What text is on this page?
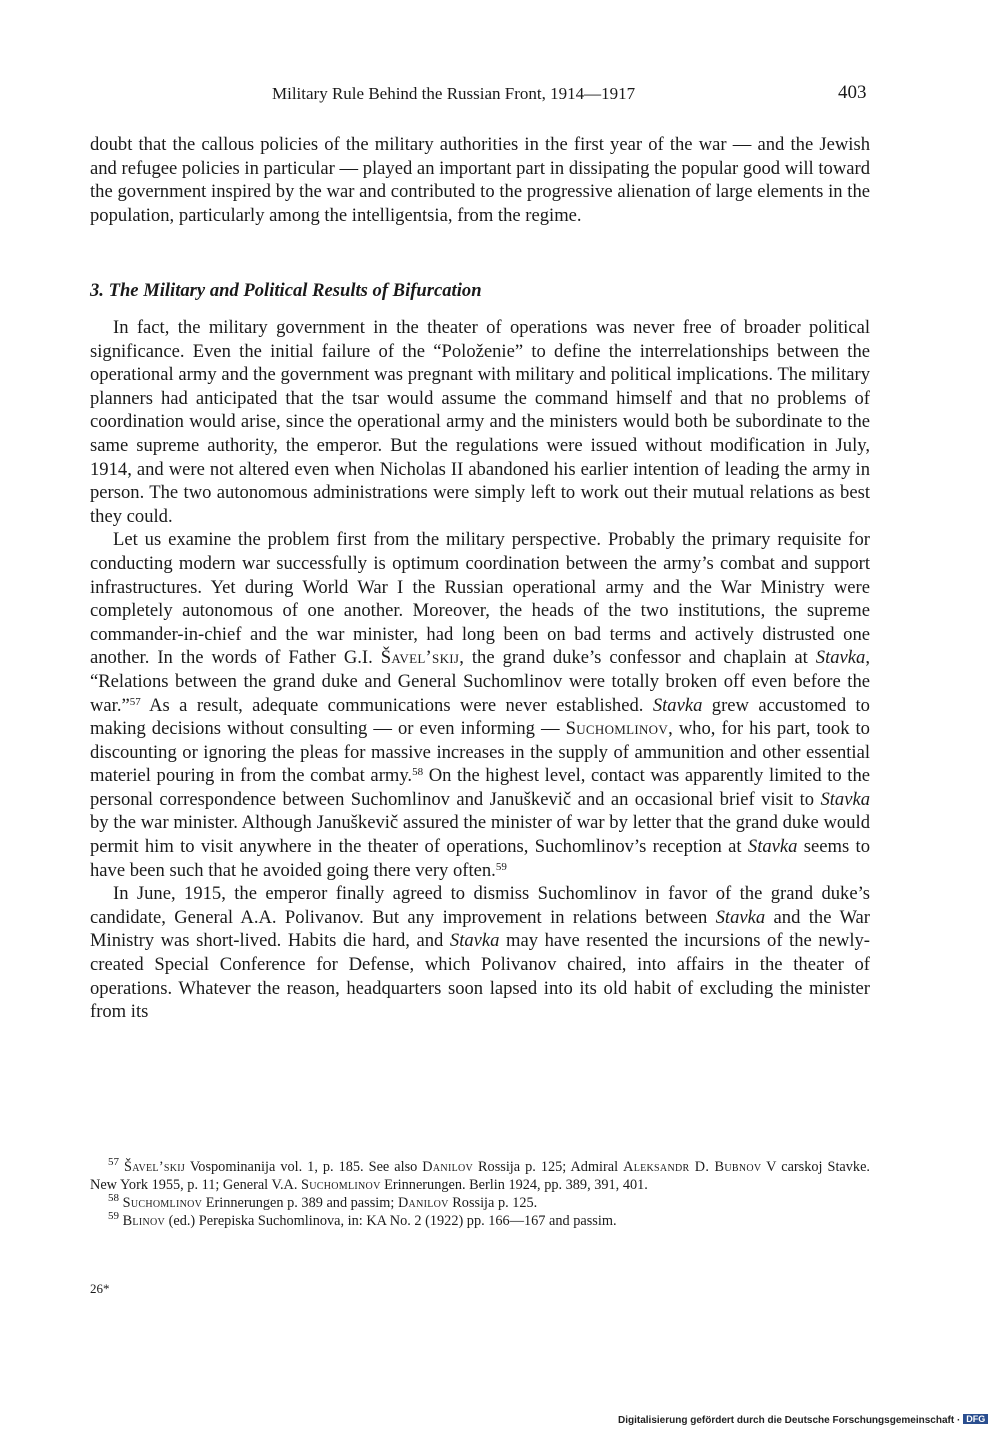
Military Rule Behind the Russian Front, 1914—1917	403

doubt that the callous policies of the military authorities in the first year of the war — and the Jewish and refugee policies in particular — played an important part in dissipating the popular good will toward the government inspired by the war and contributed to the progressive alienation of large elements in the population, particularly among the intelligentsia, from the regime.

3. The Military and Political Results of Bifurcation

In fact, the military government in the theater of operations was never free of broader political significance. Even the initial failure of the “Položenie” to define the interrelationships between the operational army and the government was pregnant with military and political implications. The military planners had anticipated that the tsar would assume the command himself and that no problems of coordination would arise, since the operational army and the ministers would both be subordinate to the same supreme authority, the emperor. But the regulations were issued without modification in July, 1914, and were not altered even when Nicholas II abandoned his earlier intention of leading the army in person. The two autonomous administrations were simply left to work out their mutual relations as best they could.

Let us examine the problem first from the military perspective. Probably the primary requisite for conducting modern war successfully is optimum coordination between the army’s combat and support infrastructures. Yet during World War I the Russian operational army and the War Ministry were completely autonomous of one another. Moreover, the heads of the two institutions, the supreme commander-in-chief and the war minister, had long been on bad terms and actively distrusted one another. In the words of Father G.I. Šavel’skij, the grand duke’s confessor and chaplain at Stavka, “Relations between the grand duke and General Suchomlinov were totally broken off even before the war.”$^{57}$ As a result, adequate communications were never established. Stavka grew accustomed to making decisions without consulting — or even informing — Suchomlinov, who, for his part, took to discounting or ignoring the pleas for massive increases in the supply of ammunition and other essential materiel pouring in from the combat army.$^{58}$ On the highest level, contact was apparently limited to the personal correspondence between Suchomlinov and Januškevič and an occasional brief visit to Stavka by the war minister. Although Januškevič assured the minister of war by letter that the grand duke would permit him to visit anywhere in the theater of operations, Suchomlinov’s reception at Stavka seems to have been such that he avoided going there very often.$^{59}$

In June, 1915, the emperor finally agreed to dismiss Suchomlinov in favor of the grand duke’s candidate, General A.A. Polivanov. But any improvement in relations between Stavka and the War Ministry was short-lived. Habits die hard, and Stavka may have resented the incursions of the newly-created Special Conference for Defense, which Polivanov chaired, into affairs in the theater of operations. Whatever the reason, headquarters soon lapsed into its old habit of excluding the minister from its

$^{57}$ Šavel’skij Vospominanija vol. 1, p. 185. See also Danilov Rossija p. 125; Admiral Aleksandr D. Bubnov V carskoj Stavke. New York 1955, p. 11; General V.A. Suchomlinov Erinnerungen. Berlin 1924, pp. 389, 391, 401.

$^{58}$ Suchomlinov Erinnerungen p. 389 and passim; Danilov Rossija p. 125.

$^{59}$ Blinov (ed.) Perepiska Suchomlinova, in: KA No. 2 (1922) pp. 166—167 and passim.

26*
Digitalisierung gefördert durch die Deutsche Forschungsgemeinschaft · DFG
